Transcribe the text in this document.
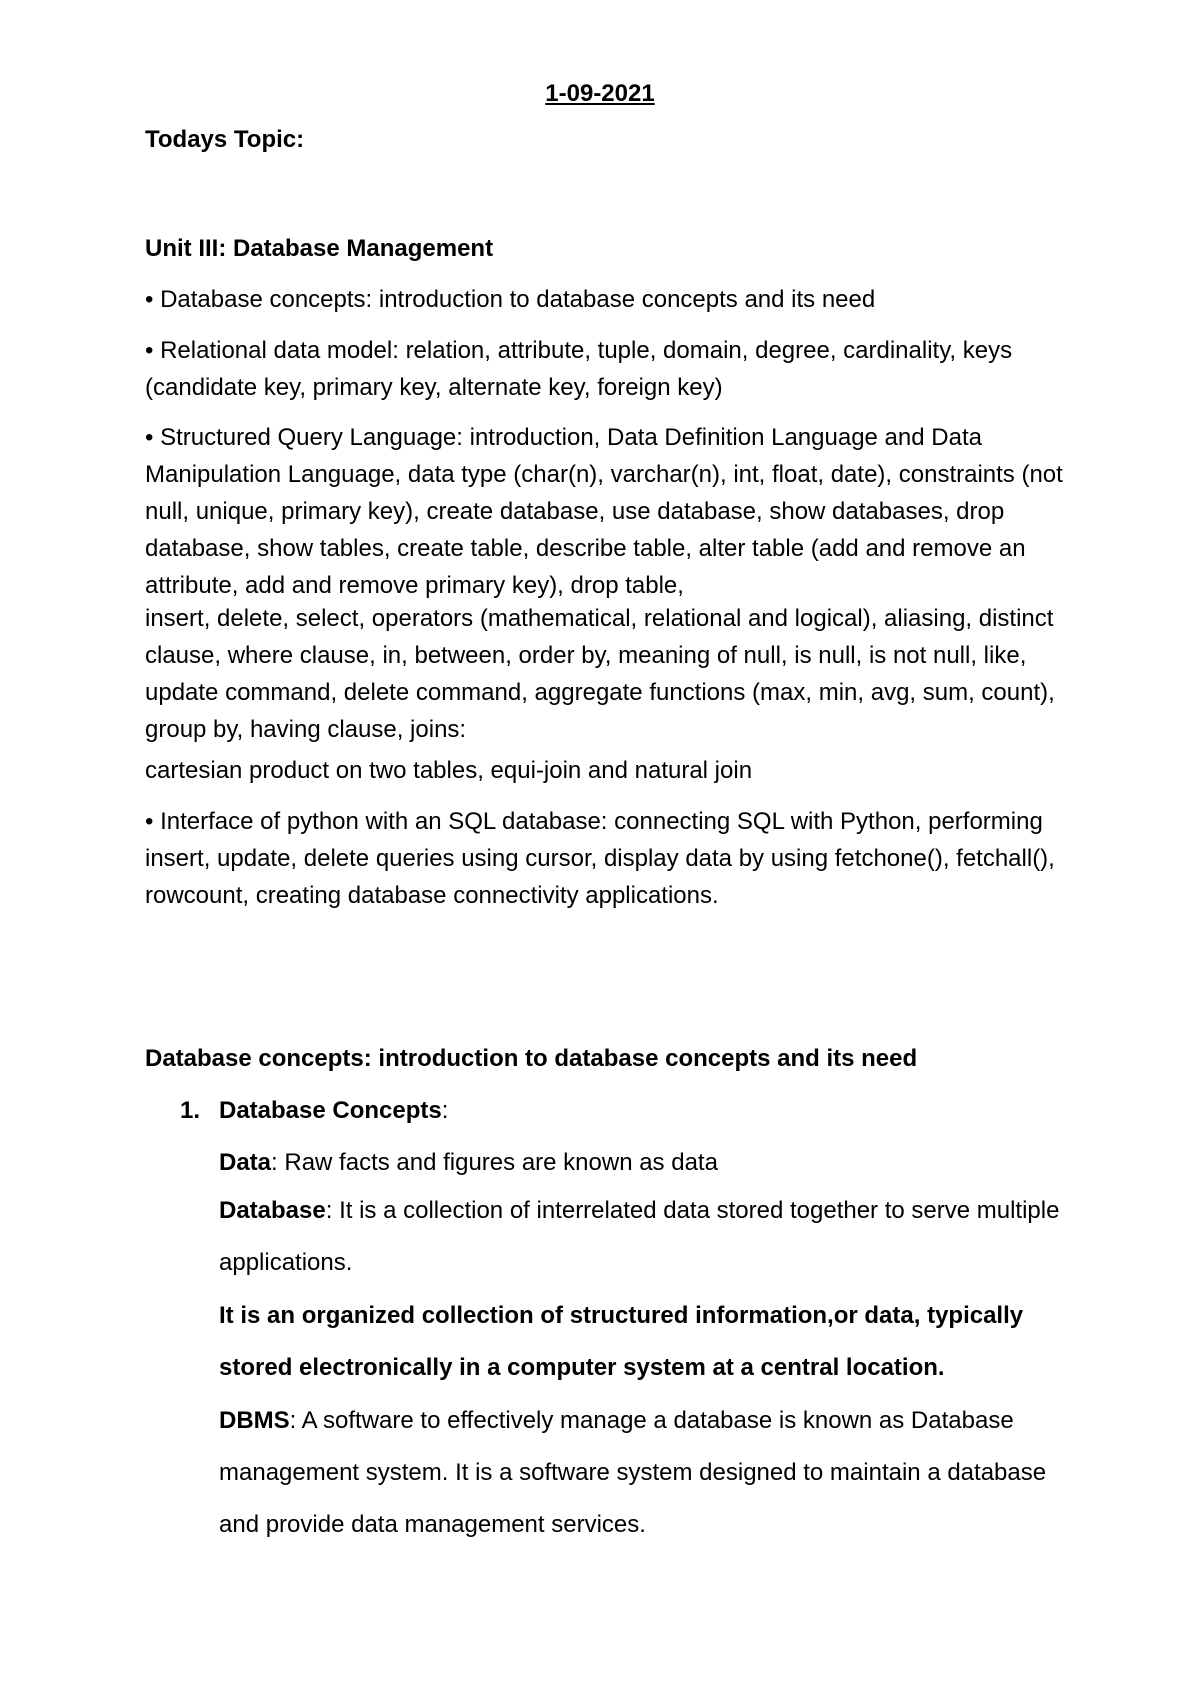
1-09-2021

Todays Topic:

Unit III: Database Management

• Database concepts: introduction to database concepts and its need

• Relational data model: relation, attribute, tuple, domain, degree, cardinality, keys (candidate key, primary key, alternate key, foreign key)

• Structured Query Language: introduction, Data Definition Language and Data Manipulation Language, data type (char(n), varchar(n), int, float, date), constraints (not null, unique, primary key), create database, use database, show databases, drop database, show tables, create table, describe table, alter table (add and remove an attribute, add and remove primary key), drop table,

insert, delete, select, operators (mathematical, relational and logical), aliasing, distinct clause, where clause, in, between, order by, meaning of null, is null, is not null, like, update command, delete command, aggregate functions (max, min, avg, sum, count), group by, having clause, joins:

cartesian product on two tables, equi-join and natural join

• Interface of python with an SQL database: connecting SQL with Python, performing insert, update, delete queries using cursor, display data by using fetchone(), fetchall(), rowcount, creating database connectivity applications.

Database concepts: introduction to database concepts and its need

1. Database Concepts:

Data: Raw facts and figures are known as data

Database: It is a collection of interrelated data stored together to serve multiple applications.

It is an organized collection of structured information,or data, typically stored electronically in a computer system at a central location.

DBMS: A software to effectively manage a database is known as Database management system. It is a software system designed to maintain a database and provide data management services.
